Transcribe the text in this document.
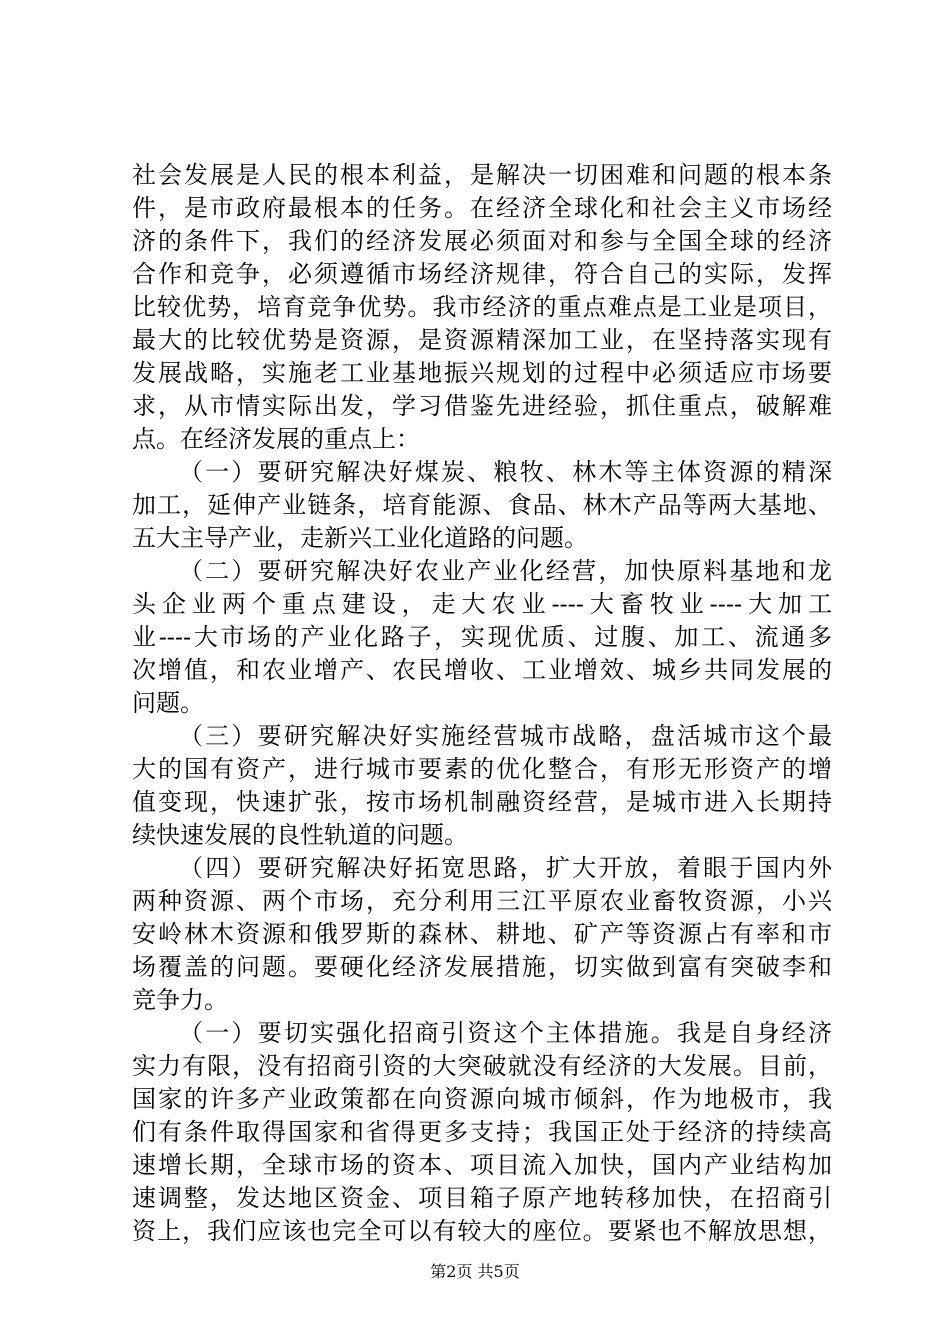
社会发展是人民的根本利益，是解决一切困难和问题的根本条
件，是市政府最根本的任务。在经济全球化和社会主义市场经
济的条件下，我们的经济发展必须面对和参与全国全球的经济
合作和竞争，必须遵循市场经济规律，符合自己的实际，发挥
比较优势，培育竞争优势。我市经济的重点难点是工业是项目，
最大的比较优势是资源，是资源精深加工业，在坚持落实现有
发展战略，实施老工业基地振兴规划的过程中必须适应市场要
求，从市情实际出发，学习借鉴先进经验，抓住重点，破解难
点。在经济发展的重点上：
（一）要研究解决好煤炭、粮牧、林木等主体资源的精深
加工，延伸产业链条，培育能源、食品、林木产品等两大基地、
五大主导产业，走新兴工业化道路的问题。
（二）要研究解决好农业产业化经营，加快原料基地和龙
头企业两个重点建设，走大农业----大畜牧业----大加工
业----大市场的产业化路子，实现优质、过腹、加工、流通多
次增值，和农业增产、农民增收、工业增效、城乡共同发展的
问题。
（三）要研究解决好实施经营城市战略，盘活城市这个最
大的国有资产，进行城市要素的优化整合，有形无形资产的增
值变现，快速扩张，按市场机制融资经营，是城市进入长期持
续快速发展的良性轨道的问题。
（四）要研究解决好拓宽思路，扩大开放，着眼于国内外
两种资源、两个市场，充分利用三江平原农业畜牧资源，小兴
安岭林木资源和俄罗斯的森林、耕地、矿产等资源占有率和市
场覆盖的问题。要硬化经济发展措施，切实做到富有突破李和
竞争力。
（一）要切实强化招商引资这个主体措施。我是自身经济
实力有限，没有招商引资的大突破就没有经济的大发展。目前，
国家的许多产业政策都在向资源向城市倾斜，作为地极市，我
们有条件取得国家和省得更多支持；我国正处于经济的持续高
速增长期，全球市场的资本、项目流入加快，国内产业结构加
速调整，发达地区资金、项目箱子原产地转移加快，在招商引
资上，我们应该也完全可以有较大的座位。要紧也不解放思想，
第2页 共5页
